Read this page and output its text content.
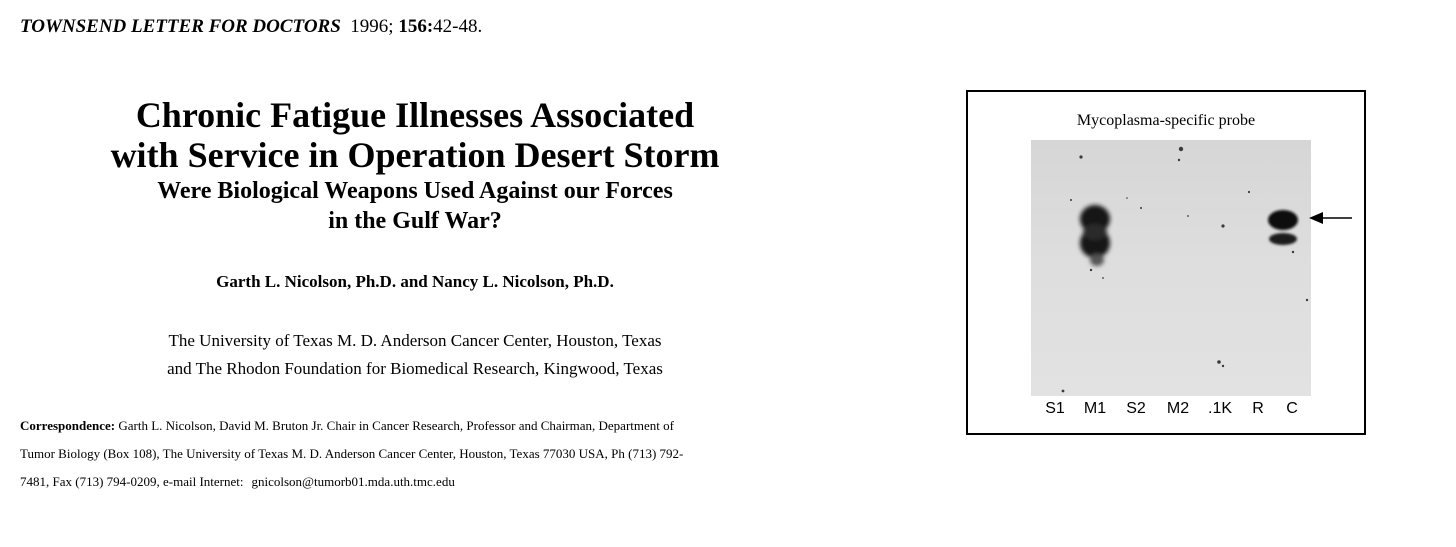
TOWNSEND LETTER FOR DOCTORS 1996; 156:42-48.
Chronic Fatigue Illnesses Associated
with Service in Operation Desert Storm
Were Biological Weapons Used Against our Forces
in the Gulf War?
Garth L. Nicolson, Ph.D. and Nancy L. Nicolson, Ph.D.
The University of Texas M. D. Anderson Cancer Center, Houston, Texas
and The Rhodon Foundation for Biomedical Research, Kingwood, Texas
Correspondence: Garth L. Nicolson, David M. Bruton Jr. Chair in Cancer Research, Professor and Chairman, Department of
Tumor Biology (Box 108), The University of Texas M. D. Anderson Cancer Center, Houston, Texas 77030 USA, Ph (713) 792-
7481, Fax (713) 794-0209, e-mail Internet: gnicolson@tumorb01.mda.uth.tmc.edu
Mycoplasma-specific probe
S1 M1 S2 M2 .1K R C
